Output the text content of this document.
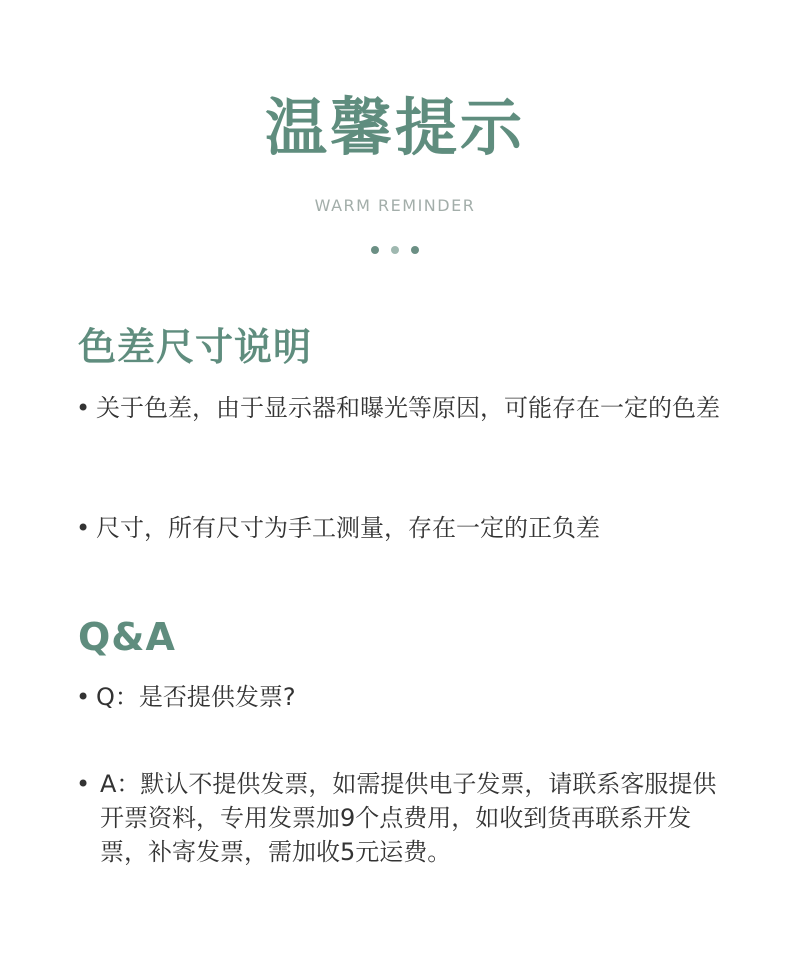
温馨提示
WARM REMINDER
色差尺寸说明
• 关于色差，由于显示器和曝光等原因，可能存在一定的色差
• 尺寸，所有尺寸为手工测量，存在一定的正负差
Q&A
• Q：是否提供发票?
• A：默认不提供发票，如需提供电子发票，请联系客服提供开票资料，专用发票加9个点费用，如收到货再联系开发票，补寄发票，需加收5元运费。
